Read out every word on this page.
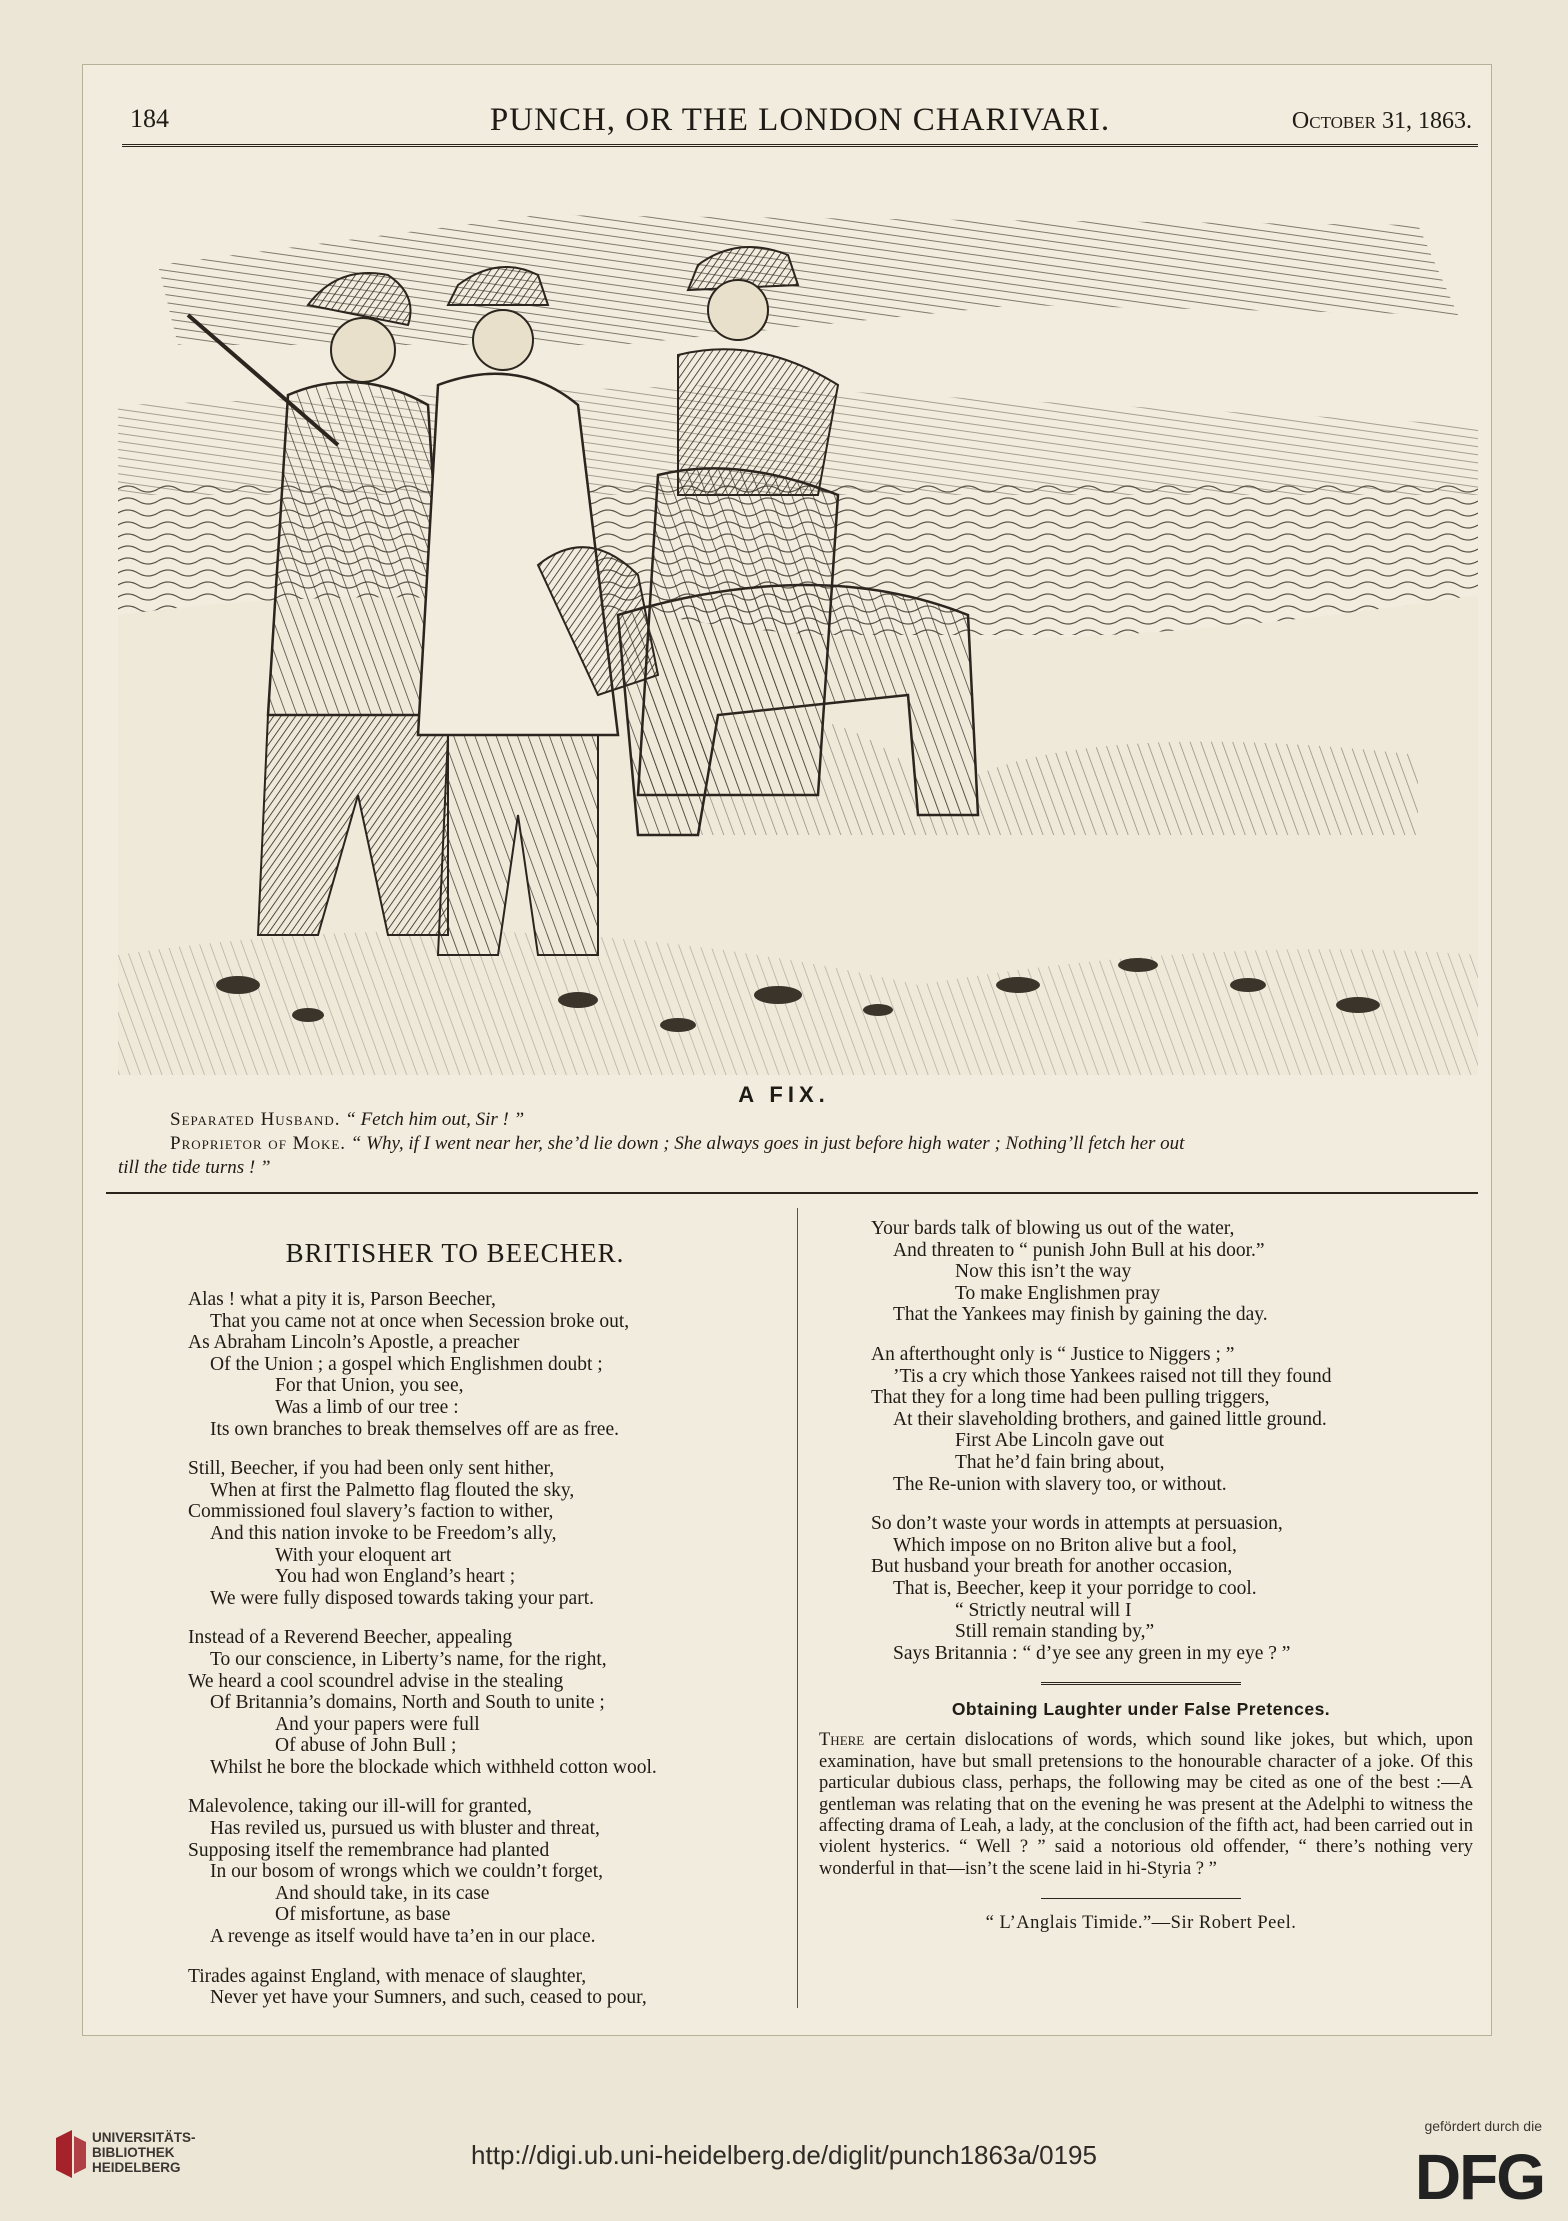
184	PUNCH, OR THE LONDON CHARIVARI.	October 31, 1863.
A FIX.

Separated Husband. “ Fetch him out, Sir ! ”

Proprietor of Moke. “ Why, if I went near her, she’d lie down ; She always goes in just before high water ; Nothing’ll fetch her out

till the tide turns ! ”

BRITISHER TO BEECHER.
Alas ! what a pity it is, Parson Beecher,
That you came not at once when Secession broke out,
As Abraham Lincoln’s Apostle, a preacher
Of the Union ; a gospel which Englishmen doubt ;
For that Union, you see,
Was a limb of our tree :
Its own branches to break themselves off are as free.
Still, Beecher, if you had been only sent hither,
When at first the Palmetto flag flouted the sky,
Commissioned foul slavery’s faction to wither,
And this nation invoke to be Freedom’s ally,
With your eloquent art
You had won England’s heart ;
We were fully disposed towards taking your part.
Instead of a Reverend Beecher, appealing
To our conscience, in Liberty’s name, for the right,
We heard a cool scoundrel advise in the stealing
Of Britannia’s domains, North and South to unite ;
And your papers were full
Of abuse of John Bull ;
Whilst he bore the blockade which withheld cotton wool.
Malevolence, taking our ill-will for granted,
Has reviled us, pursued us with bluster and threat,
Supposing itself the remembrance had planted
In our bosom of wrongs which we couldn’t forget,
And should take, in its case
Of misfortune, as base
A revenge as itself would have ta’en in our place.
Tirades against England, with menace of slaughter,
Never yet have your Sumners, and such, ceased to pour,
Your bards talk of blowing us out of the water,
And threaten to “ punish John Bull at his door.”
Now this isn’t the way
To make Englishmen pray
That the Yankees may finish by gaining the day.
An afterthought only is “ Justice to Niggers ; ”
’Tis a cry which those Yankees raised not till they found
That they for a long time had been pulling triggers,
At their slaveholding brothers, and gained little ground.
First Abe Lincoln gave out
That he’d fain bring about,
The Re-union with slavery too, or without.
So don’t waste your words in attempts at persuasion,
Which impose on no Briton alive but a fool,
But husband your breath for another occasion,
That is, Beecher, keep it your porridge to cool.
“ Strictly neutral will I
Still remain standing by,”
Says Britannia : “ d’ye see any green in my eye ? ”
Obtaining Laughter under False Pretences.
There are certain dislocations of words, which sound like jokes, but which, upon examination, have but small pretensions to the honourable character of a joke. Of this particular dubious class, perhaps, the following may be cited as one of the best :—A gentleman was relating that on the evening he was present at the Adelphi to witness the affecting drama of Leah, a lady, at the conclusion of the fifth act, had been carried out in violent hysterics. “ Well ? ” said a notorious old offender, “ there’s nothing very wonderful in that—isn’t the scene laid in hi-Styria ? ”
“ L’Anglais Timide.”—Sir Robert Peel.
UNIVERSITÄTS-
BIBLIOTHEK
HEIDELBERG	http://digi.ub.uni-heidelberg.de/diglit/punch1863a/0195
gefördert durch die
DFG
